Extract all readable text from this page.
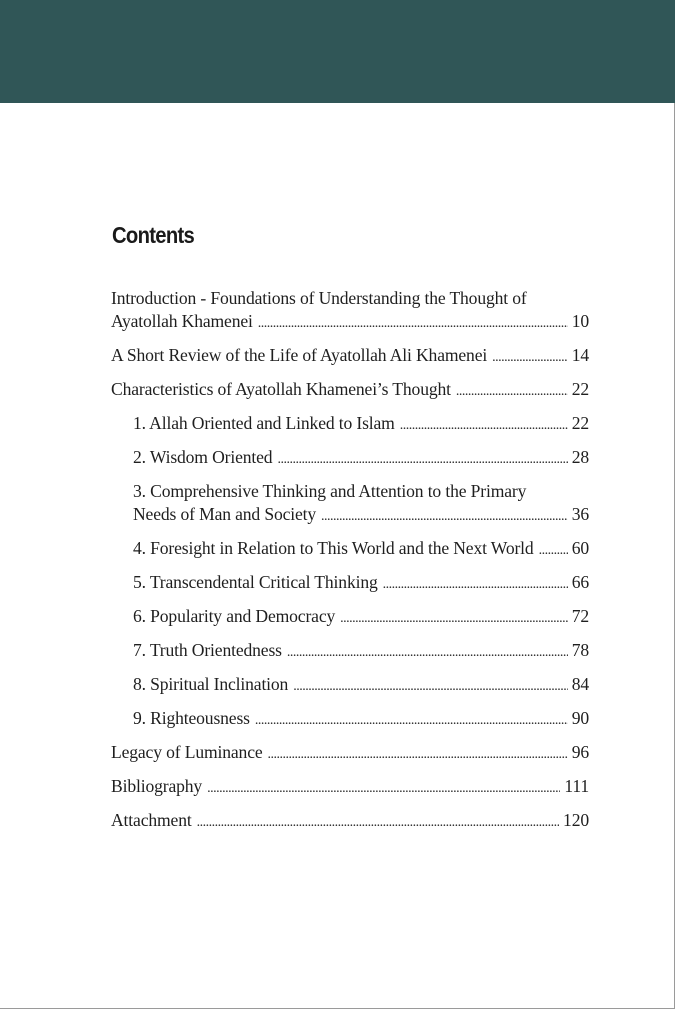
Contents
Introduction - Foundations of Understanding the Thought of
Ayatollah Khamenei . . .	10
A Short Review of the Life of Ayatollah Ali Khamenei . . .	14
Characteristics of Ayatollah Khamenei’s Thought . . .	22
1. Allah Oriented and Linked to Islam . . .	22
2. Wisdom Oriented . . .	28
3. Comprehensive Thinking and Attention to the Primary
Needs of Man and Society . . .	36
4. Foresight in Relation to This World and the Next World . . . 60
5. Transcendental Critical Thinking . . .	66
6. Popularity and Democracy . . .	72
7. Truth Orientedness . . .	78
8. Spiritual Inclination . . .	84
9. Righteousness . . .	90
Legacy of Luminance . . .	96
Bibliography . . .	111
Attachment . . .	120
